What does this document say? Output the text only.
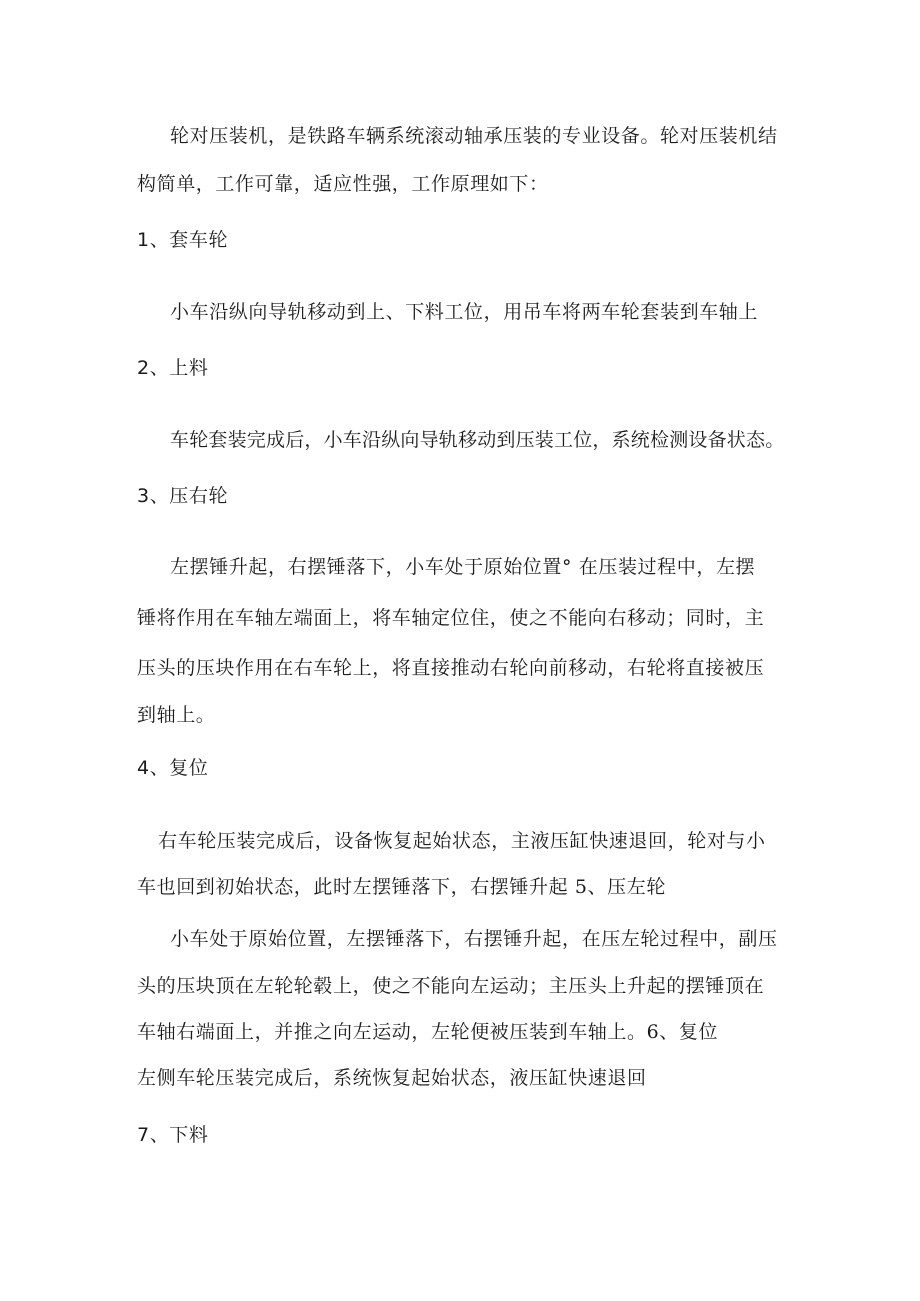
轮对压装机，是铁路车辆系统滚动轴承压装的专业设备。轮对压装机结
构简单，工作可靠，适应性强，工作原理如下：
1、套车轮
小车沿纵向导轨移动到上、下料工位，用吊车将两车轮套装到车轴上
2、上料
车轮套装完成后，小车沿纵向导轨移动到压装工位，系统检测设备状态。
3、压右轮
左摆锤升起，右摆锤落下，小车处于原始位置° 在压装过程中，左摆
锤将作用在车轴左端面上，将车轴定位住，使之不能向右移动；同时，主
压头的压块作用在右车轮上，将直接推动右轮向前移动，右轮将直接被压
到轴上。
4、复位
右车轮压装完成后，设备恢复起始状态，主液压缸快速退回，轮对与小
车也回到初始状态，此时左摆锤落下，右摆锤升起 5、压左轮
小车处于原始位置，左摆锤落下，右摆锤升起，在压左轮过程中，副压
头的压块顶在左轮轮毂上，使之不能向左运动；主压头上升起的摆锤顶在
车轴右端面上，并推之向左运动，左轮便被压装到车轴上。6、复位
左侧车轮压装完成后，系统恢复起始状态，液压缸快速退回
7、下料
